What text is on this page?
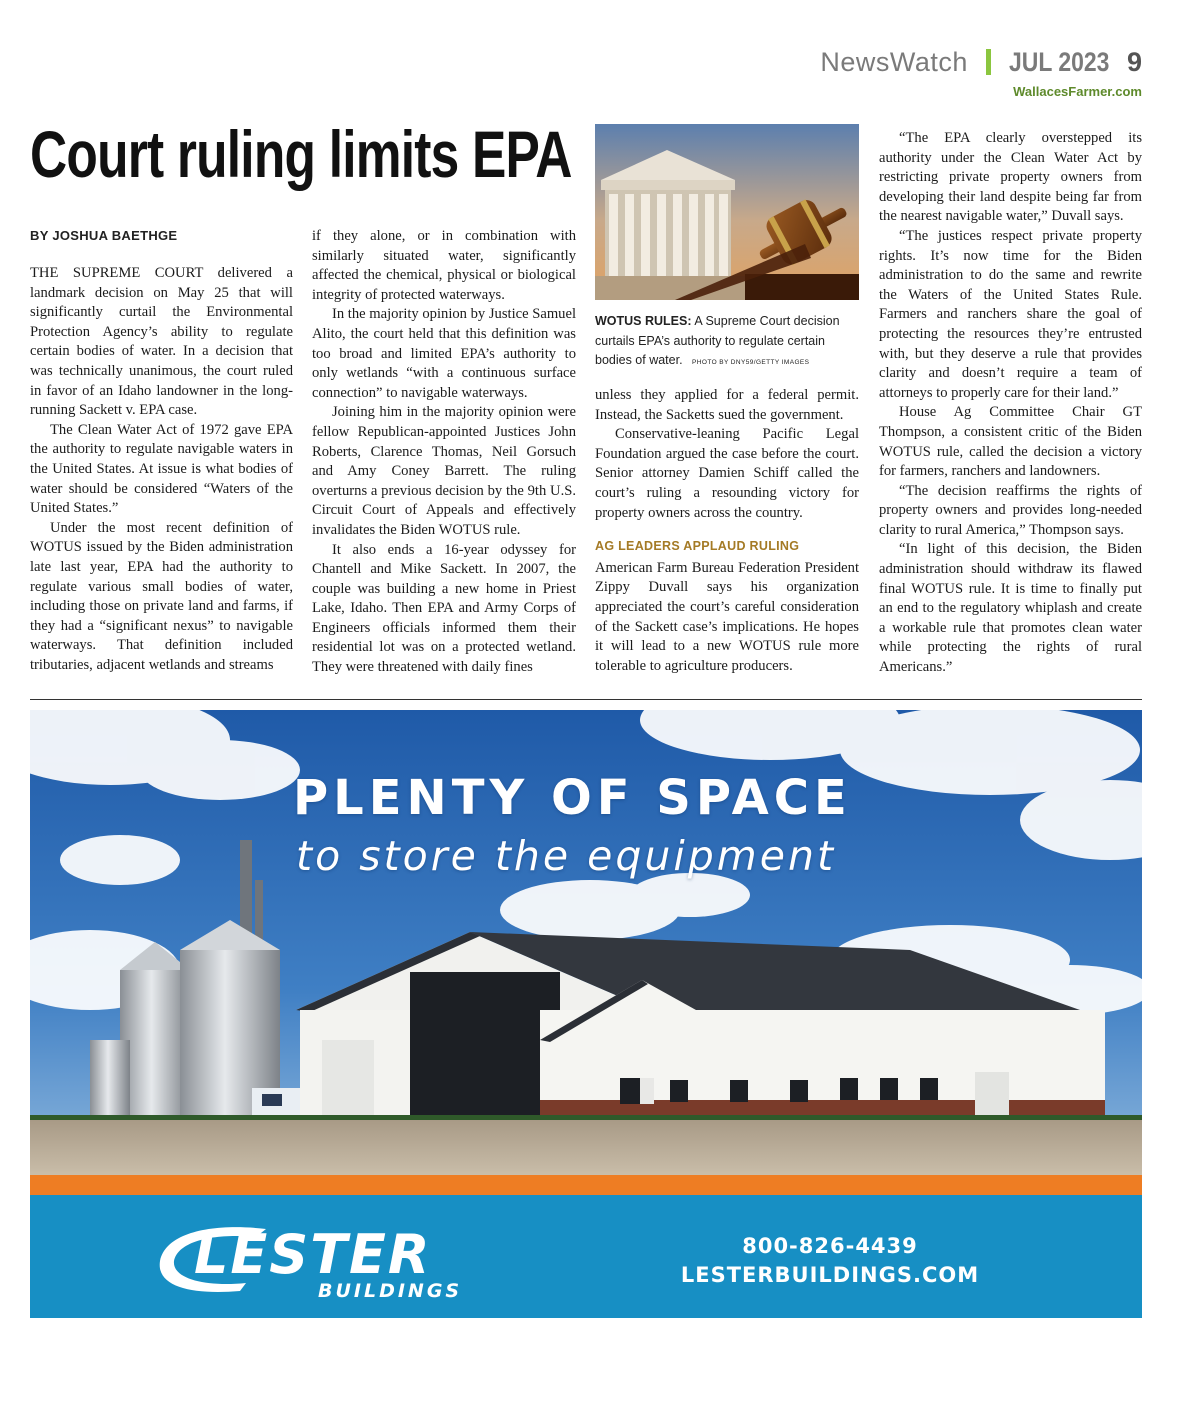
NewsWatch JUL 2023 9
WallacesFarmer.com
Court ruling limits EPA
BY JOSHUA BAETHGE

THE SUPREME COURT delivered a landmark decision on May 25 that will significantly curtail the Environmental Protection Agency’s ability to regulate certain bodies of water. In a decision that was technically unanimous, the court ruled in favor of an Idaho landowner in the long-running Sackett v. EPA case.

The Clean Water Act of 1972 gave EPA the authority to regulate navigable waters in the United States. At issue is what bodies of water should be considered “Waters of the United States.”

Under the most recent definition of WOTUS issued by the Biden administration late last year, EPA had the authority to regulate various small bodies of water, including those on private land and farms, if they had a “significant nexus” to navigable waterways. That definition included tributaries, adjacent wetlands and streams

if they alone, or in combination with similarly situated water, significantly affected the chemical, physical or biological integrity of protected waterways.

In the majority opinion by Justice Samuel Alito, the court held that this definition was too broad and limited EPA’s authority to only wetlands “with a continuous surface connection” to navigable waterways.

Joining him in the majority opinion were fellow Republican-appointed Justices John Roberts, Clarence Thomas, Neil Gorsuch and Amy Coney Barrett. The ruling overturns a previous decision by the 9th U.S. Circuit Court of Appeals and effectively invalidates the Biden WOTUS rule.

It also ends a 16-year odyssey for Chantell and Mike Sackett. In 2007, the couple was building a new home in Priest Lake, Idaho. Then EPA and Army Corps of Engineers officials informed them their residential lot was on a protected wetland. They were threatened with daily fines

WOTUS RULES: A Supreme Court decision curtails EPA’s authority to regulate certain bodies of water. PHOTO BY DNY59/GETTY IMAGES

unless they applied for a federal permit. Instead, the Sacketts sued the government.

Conservative-leaning Pacific Legal Foundation argued the case before the court. Senior attorney Damien Schiff called the court’s ruling a resounding victory for property owners across the country.

AG LEADERS APPLAUD RULING

American Farm Bureau Federation President Zippy Duvall says his organization appreciated the court’s careful consideration of the Sackett case’s implications. He hopes it will lead to a new WOTUS rule more tolerable to agriculture producers.

“The EPA clearly overstepped its authority under the Clean Water Act by restricting private property owners from developing their land despite being far from the nearest navigable water,” Duvall says.

“The justices respect private property rights. It’s now time for the Biden administration to do the same and rewrite the Waters of the United States Rule. Farmers and ranchers share the goal of protecting the resources they’re entrusted with, but they deserve a rule that provides clarity and doesn’t require a team of attorneys to properly care for their land.”

House Ag Committee Chair GT Thompson, a consistent critic of the Biden WOTUS rule, called the decision a victory for farmers, ranchers and landowners.

“The decision reaffirms the rights of property owners and provides long-needed clarity to rural America,” Thompson says.

“In light of this decision, the Biden administration should withdraw its flawed final WOTUS rule. It is time to finally put an end to the regulatory whiplash and create a workable rule that promotes clean water while protecting the rights of rural Americans.”

PLENTY OF SPACE
to store the equipment
LESTER
BUILDINGS
800-826-4439
LESTERBUILDINGS.COM
